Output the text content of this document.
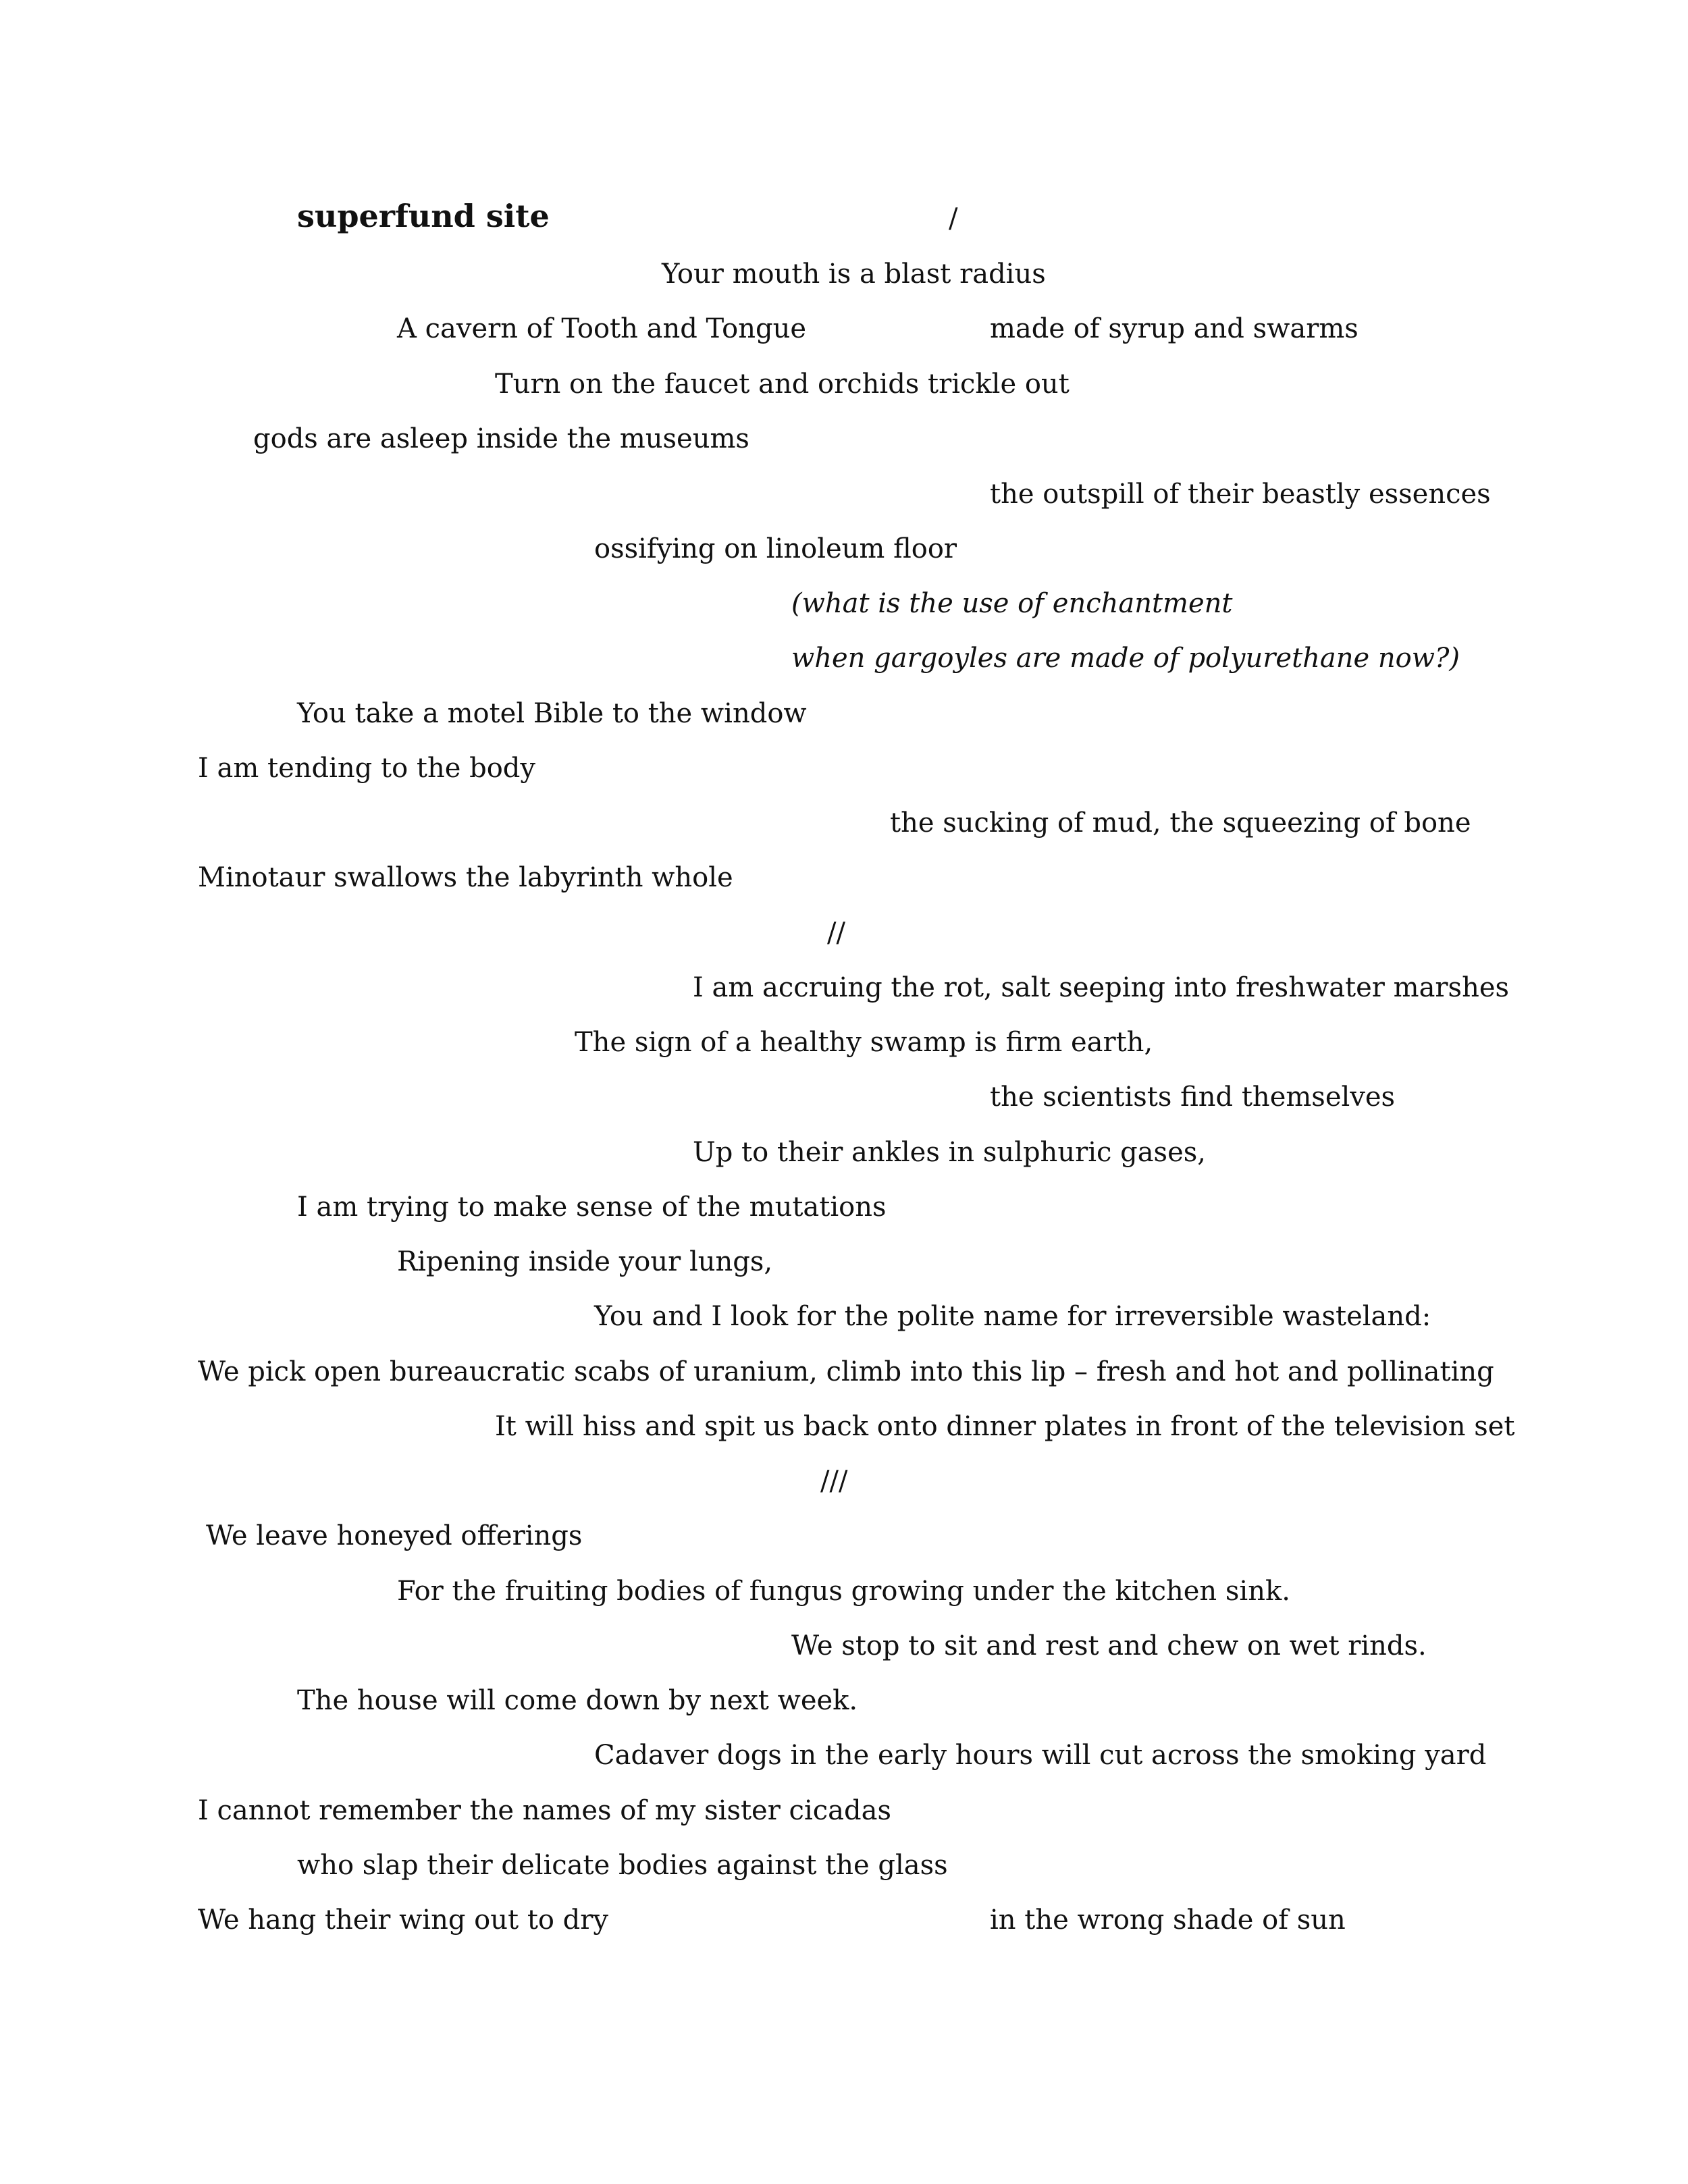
superfund site	/
Your mouth is a blast radius
A cavern of Tooth and Tongue	made of syrup and swarms
Turn on the faucet and orchids trickle out
gods are asleep inside the museums
the outspill of their beastly essences
ossifying on linoleum floor
(what is the use of enchantment
when gargoyles are made of polyurethane now?)
You take a motel Bible to the window
I am tending to the body
the sucking of mud, the squeezing of bone
Minotaur swallows the labyrinth whole
//
I am accruing the rot, salt seeping into freshwater marshes
The sign of a healthy swamp is firm earth,
the scientists find themselves
Up to their ankles in sulphuric gases,
I am trying to make sense of the mutations
Ripening inside your lungs,
You and I look for the polite name for irreversible wasteland:
We pick open bureaucratic scabs of uranium, climb into this lip – fresh and hot and pollinating
It will hiss and spit us back onto dinner plates in front of the television set
///
We leave honeyed offerings
For the fruiting bodies of fungus growing under the kitchen sink.
We stop to sit and rest and chew on wet rinds.
The house will come down by next week.
Cadaver dogs in the early hours will cut across the smoking yard
I cannot remember the names of my sister cicadas
who slap their delicate bodies against the glass
We hang their wing out to dry	in the wrong shade of sun
